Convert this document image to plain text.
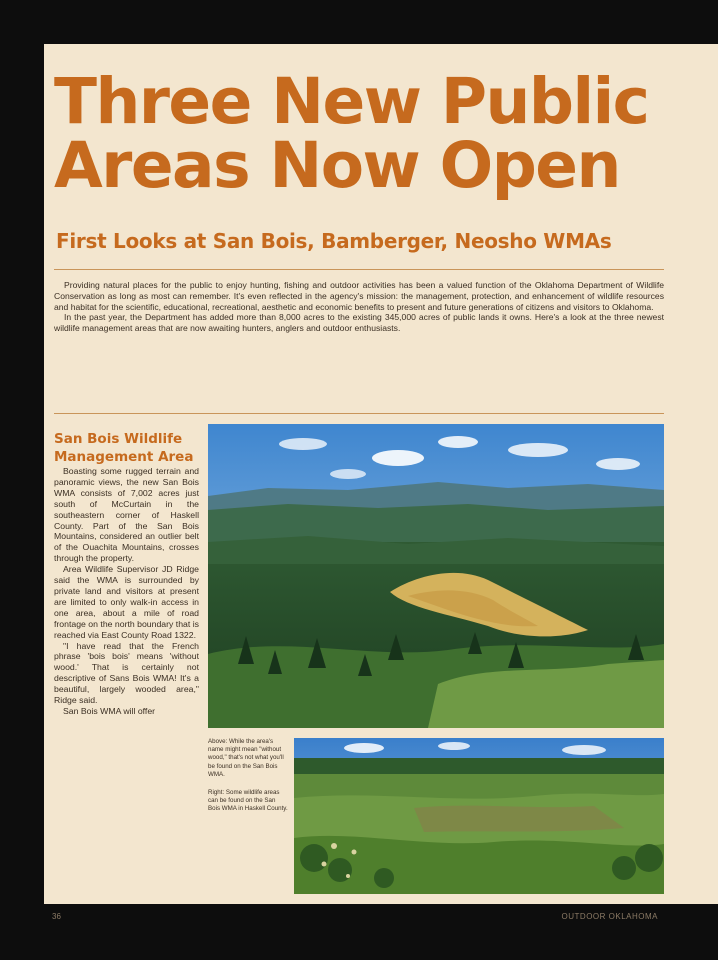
Three New Public Areas Now Open
First Looks at San Bois, Bamberger, Neosho WMAs

Providing natural places for the public to enjoy hunting, fishing and outdoor activities has been a valued function of the Oklahoma Department of Wildlife Conservation as long as most can remember. It's even reflected in the agency's mission: the management, protection, and enhancement of wildlife resources and habitat for the scientific, educational, recreational, aesthetic and economic benefits to present and future generations of citizens and visitors to Oklahoma.

In the past year, the Department has added more than 8,000 acres to the existing 345,000 acres of public lands it owns. Here's a look at the three newest wildlife management areas that are now awaiting hunters, anglers and outdoor enthusiasts.

San Bois Wildlife Management Area

Boasting some rugged terrain and panoramic views, the new San Bois WMA consists of 7,002 acres just south of McCurtain in the southeastern corner of Haskell County. Part of the San Bois Mountains, considered an outlier belt of the Ouachita Mountains, crosses through the property.

Area Wildlife Supervisor JD Ridge said the WMA is surrounded by private land and visitors at present are limited to only walk-in access in one area, about a mile of road frontage on the north boundary that is reached via East County Road 1322.

"I have read that the French phrase 'bois bois' means 'without wood.' That is certainly not descriptive of Sans Bois WMA! It's a beautiful, largely wooded area," Ridge said.

San Bois WMA will offer

Above: While the area's name might mean "without wood," that's not what you'll be found on the San Bois WMA.

Right: Some wildlife areas can be found on the San Bois WMA in Haskell County.

36	OUTDOOR OKLAHOMA
